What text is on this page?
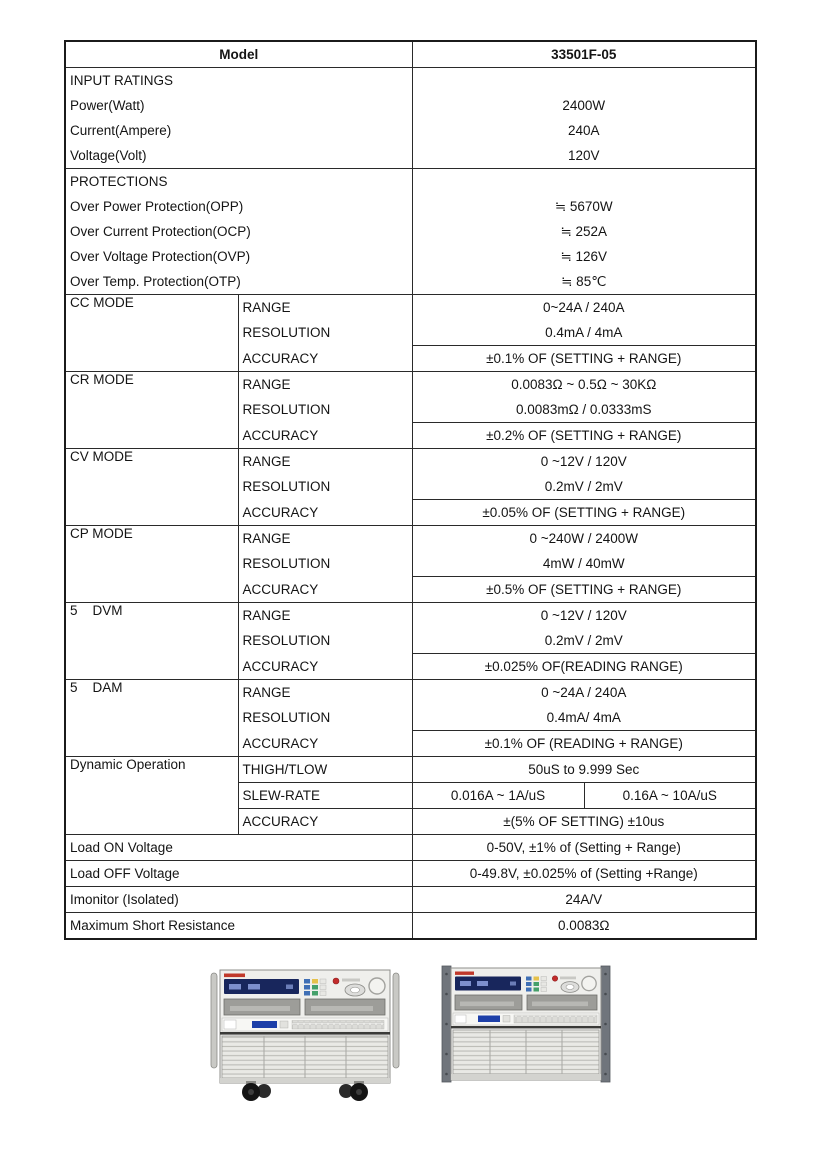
Model		33501F-05	
INPUT RATINGS			
Power(Watt)		2400W	
Current(Ampere)		240A	
Voltage(Volt)		120V	
PROTECTIONS			
Over Power Protection(OPP)		≒ 5670W	
Over Current Protection(OCP)		≒ 252A	
Over Voltage Protection(OVP)		≒ 126V	
Over Temp. Protection(OTP)		≒ 85℃	
CC MODE	RANGE	0~24A / 240A	
	RESOLUTION	0.4mA / 4mA	
	ACCURACY	±0.1% OF (SETTING + RANGE)	
CR MODE	RANGE	0.0083Ω ~ 0.5Ω ~ 30KΩ	
	RESOLUTION	0.0083mΩ / 0.0333mS	
	ACCURACY	±0.2% OF (SETTING + RANGE)	
CV MODE	RANGE	0 ~12V / 120V	
	RESOLUTION	0.2mV / 2mV	
	ACCURACY	±0.05% OF (SETTING + RANGE)	
CP MODE	RANGE	0 ~240W / 2400W	
	RESOLUTION	4mW / 40mW	
	ACCURACY	±0.5% OF (SETTING + RANGE)	
5    DVM	RANGE	0 ~12V / 120V	
	RESOLUTION	0.2mV / 2mV	
	ACCURACY	±0.025% OF(READING RANGE)	
5    DAM	RANGE	0 ~24A / 240A	
	RESOLUTION	0.4mA/ 4mA	
	ACCURACY	±0.1% OF (READING + RANGE)	
Dynamic Operation	THIGH/TLOW	50uS to 9.999 Sec	
	SLEW-RATE	0.016A ~ 1A/uS	0.16A ~ 10A/uS
	ACCURACY	±(5% OF SETTING) ±10us	
Load ON Voltage		0-50V, ±1% of (Setting + Range)	
Load OFF Voltage		0-49.8V, ±0.025% of (Setting +Range)	
Imonitor (Isolated)		24A/V	
Maximum Short Resistance		0.0083Ω	
